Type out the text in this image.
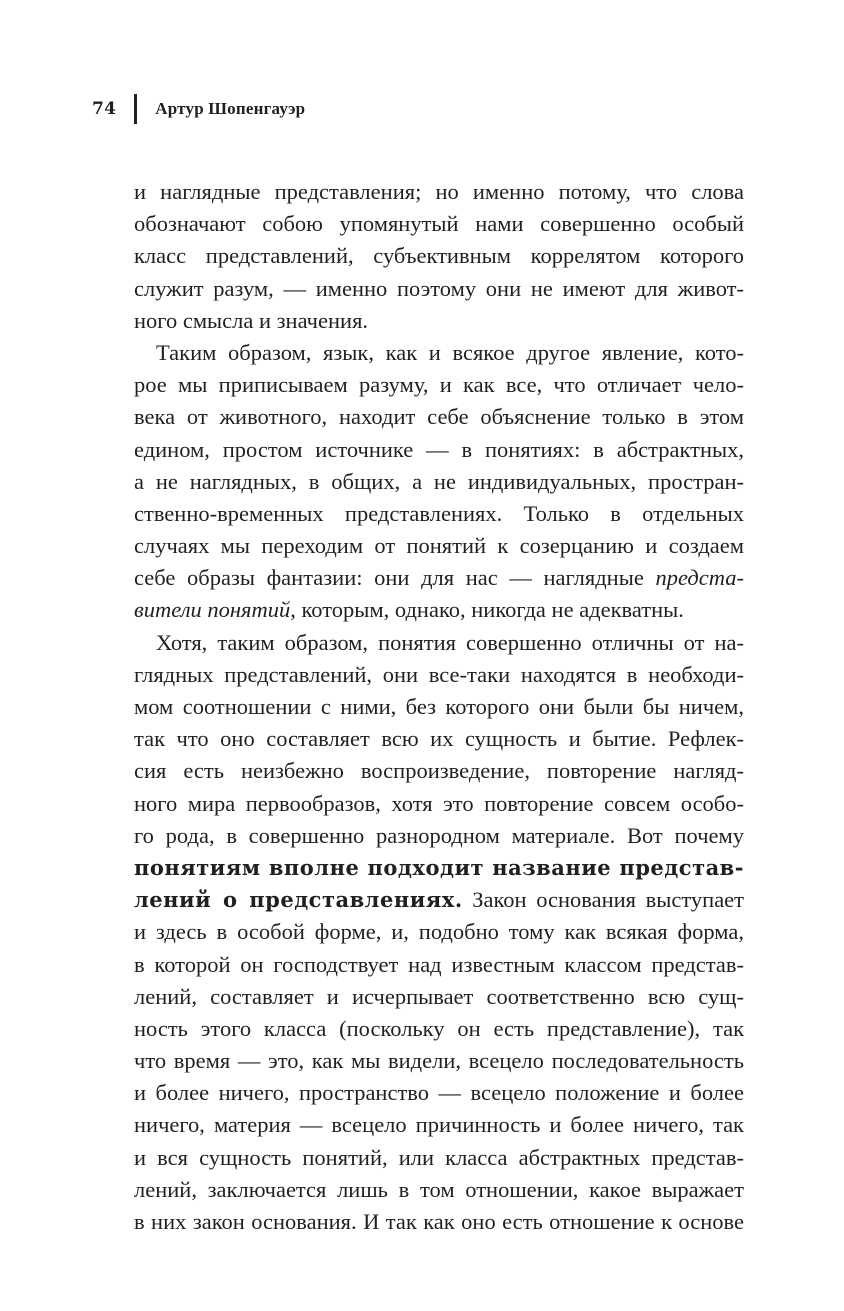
74 Артур Шопенгауэр
и наглядные представления; но именно потому, что слова
обозначают собою упомянутый нами совершенно особый
класс представлений, субъективным коррелятом которого
служит разум, — именно поэтому они не имеют для живот-
ного смысла и значения.
Таким образом, язык, как и всякое другое явление, кото-
рое мы приписываем разуму, и как все, что отличает чело-
века от животного, находит себе объяснение только в этом
едином, простом источнике — в понятиях: в абстрактных,
а не наглядных, в общих, а не индивидуальных, простран-
ственно-временных представлениях. Только в отдельных
случаях мы переходим от понятий к созерцанию и создаем
себе образы фантазии: они для нас — наглядные предста-
вители понятий, которым, однако, никогда не адекватны.
Хотя, таким образом, понятия совершенно отличны от на-
глядных представлений, они все-таки находятся в необходи-
мом соотношении с ними, без которого они были бы ничем,
так что оно составляет всю их сущность и бытие. Рефлек-
сия есть неизбежно воспроизведение, повторение нагляд-
ного мира первообразов, хотя это повторение совсем особо-
го рода, в совершенно разнородном материале. Вот почему
понятиям вполне подходит название представ-
лений о представлениях. Закон основания выступает
и здесь в особой форме, и, подобно тому как всякая форма,
в которой он господствует над известным классом представ-
лений, составляет и исчерпывает соответственно всю сущ-
ность этого класса (поскольку он есть представление), так
что время — это, как мы видели, всецело последовательность
и более ничего, пространство — всецело положение и более
ничего, материя — всецело причинность и более ничего, так
и вся сущность понятий, или класса абстрактных представ-
лений, заключается лишь в том отношении, какое выражает
в них закон основания. И так как оно есть отношение к основе
